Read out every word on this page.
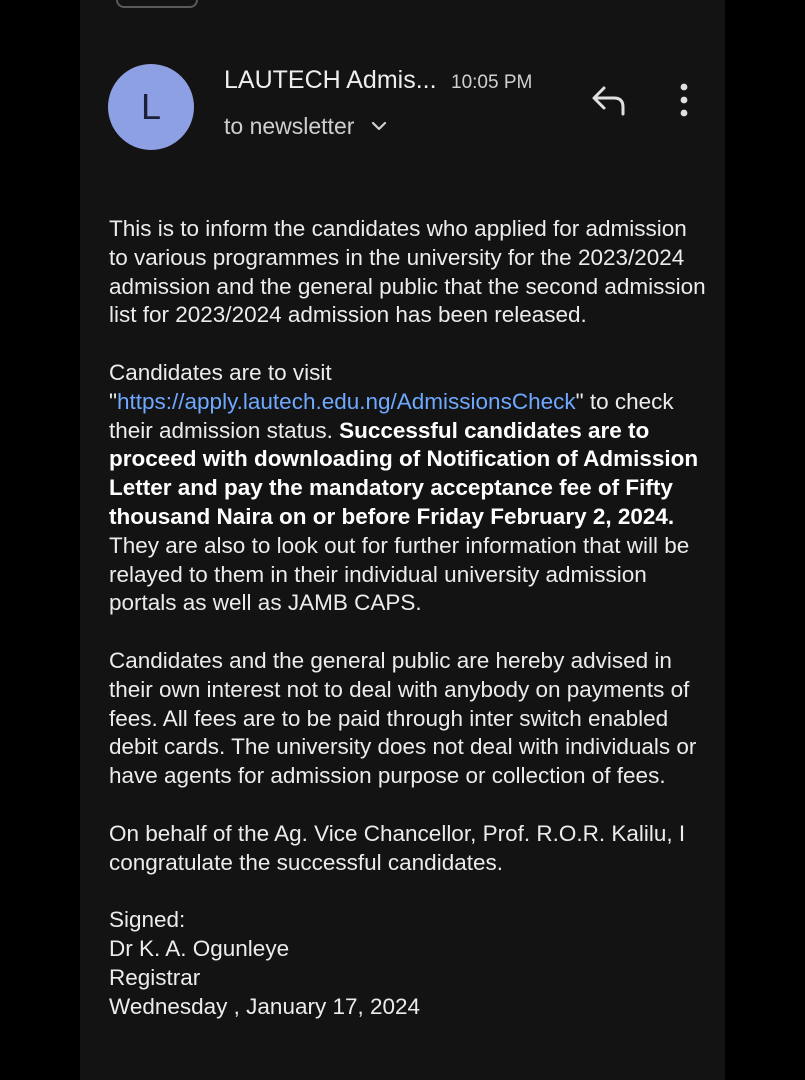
L
LAUTECH Admis... 10:05 PM
to newsletter

This is to inform the candidates who applied for admission to various programmes in the university for the 2023/2024 admission and the general public that the second admission list for 2023/2024 admission has been released.

Candidates are to visit "https://apply.lautech.edu.ng/AdmissionsCheck" to check their admission status. Successful candidates are to proceed with downloading of Notification of Admission Letter and pay the mandatory acceptance fee of Fifty thousand Naira on or before Friday February 2, 2024. They are also to look out for further information that will be relayed to them in their individual university admission portals as well as JAMB CAPS.

Candidates and the general public are hereby advised in their own interest not to deal with anybody on payments of fees. All fees are to be paid through inter switch enabled debit cards. The university does not deal with individuals or have agents for admission purpose or collection of fees.

On behalf of the Ag. Vice Chancellor, Prof. R.O.R. Kalilu, I congratulate the successful candidates.

Signed:
Dr K. A. Ogunleye
Registrar
Wednesday , January 17, 2024
